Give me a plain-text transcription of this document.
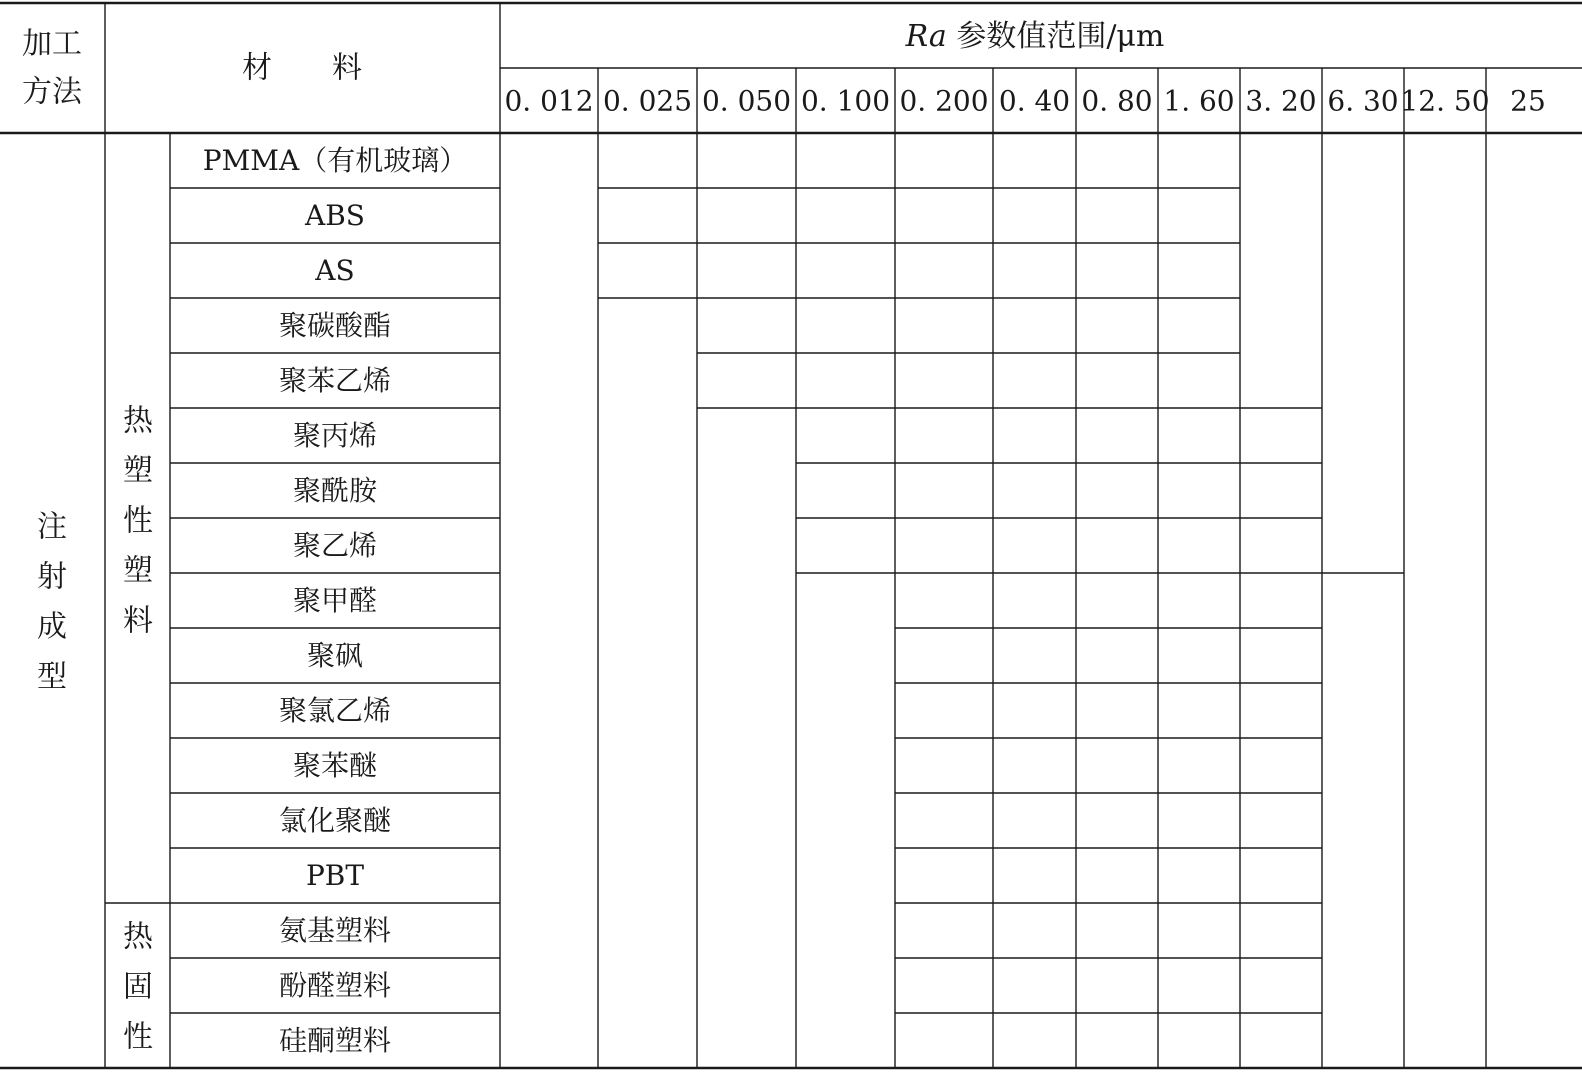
加工
方法
材　　料
Ra 参数值范围/μm
0. 012 0. 025 0. 050 0. 100 0. 200 0. 40 0. 80 1. 60 3. 20 6. 30 12. 50 25
注
射
成
型
热
塑
性
塑
料
热
固
性
PMMA（有机玻璃）
ABS
AS
聚碳酸酯
聚苯乙烯
聚丙烯
聚酰胺
聚乙烯
聚甲醛
聚砜
聚氯乙烯
聚苯醚
氯化聚醚
PBT
氨基塑料
酚醛塑料
硅酮塑料
